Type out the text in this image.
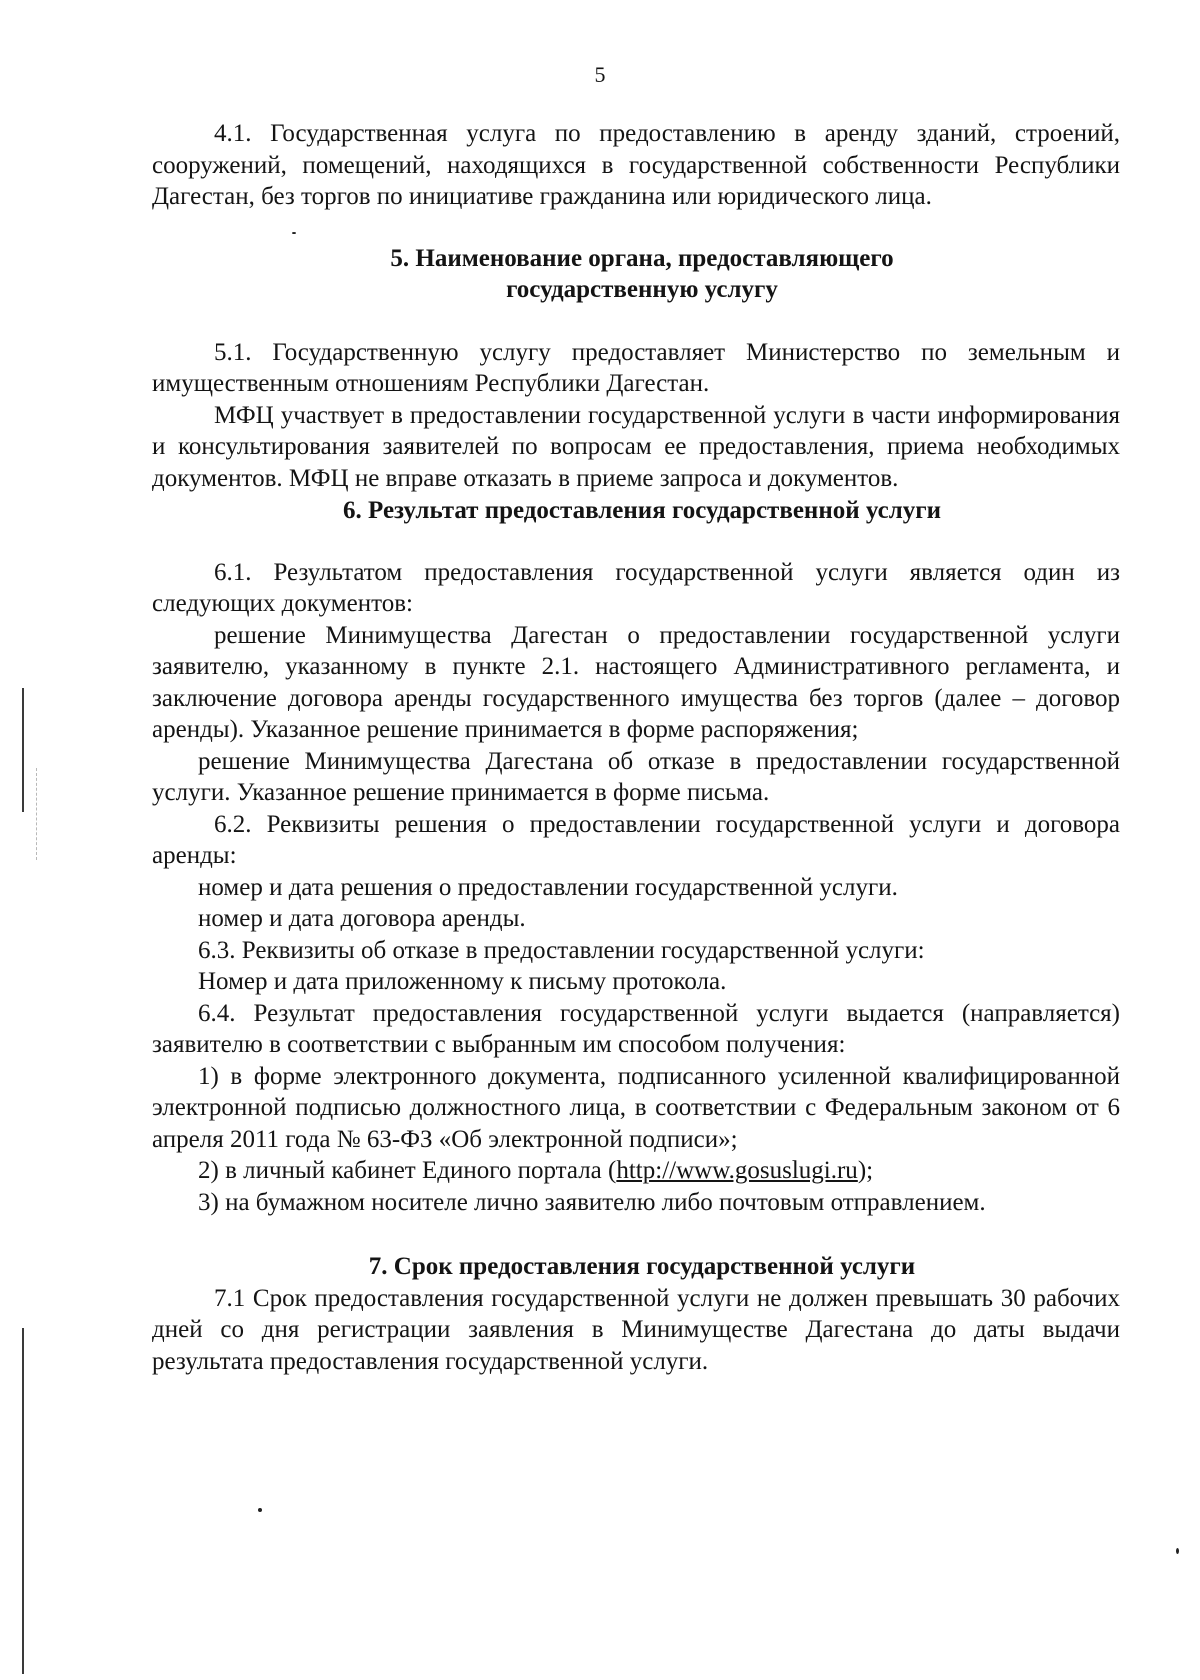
5

4.1. Государственная услуга по предоставлению в аренду зданий, строений, сооружений, помещений, находящихся в государственной собственности Республики Дагестан, без торгов по инициативе гражданина или юридического лица.

5. Наименование органа, предоставляющего
государственную услугу

5.1. Государственную услугу предоставляет Министерство по земельным и имущественным отношениям Республики Дагестан.

МФЦ участвует в предоставлении государственной услуги в части информирования и консультирования заявителей по вопросам ее предоставления, приема необходимых документов. МФЦ не вправе отказать в приеме запроса и документов.

6. Результат предоставления государственной услуги

6.1. Результатом предоставления государственной услуги является один из следующих документов:

решение Минимущества Дагестан о предоставлении государственной услуги заявителю, указанному в пункте 2.1. настоящего Административного регламента, и заключение договора аренды государственного имущества без торгов (далее – договор аренды). Указанное решение принимается в форме распоряжения;

решение Минимущества Дагестана об отказе в предоставлении государственной услуги. Указанное решение принимается в форме письма.

6.2. Реквизиты решения о предоставлении государственной услуги и договора аренды:

номер и дата решения о предоставлении государственной услуги.

номер и дата договора аренды.

6.3. Реквизиты об отказе в предоставлении государственной услуги:

Номер и дата приложенному к письму протокола.

6.4. Результат предоставления государственной услуги выдается (направляется) заявителю в соответствии с выбранным им способом получения:

1) в форме электронного документа, подписанного усиленной квалифицированной электронной подписью должностного лица, в соответствии с Федеральным законом от 6 апреля 2011 года № 63-ФЗ «Об электронной подписи»;

2) в личный кабинет Единого портала (http://www.gosuslugi.ru);

3) на бумажном носителе лично заявителю либо почтовым отправлением.

7. Срок предоставления государственной услуги

7.1 Срок предоставления государственной услуги не должен превышать 30 рабочих дней со дня регистрации заявления в Минимуществе Дагестана до даты выдачи результата предоставления государственной услуги.
